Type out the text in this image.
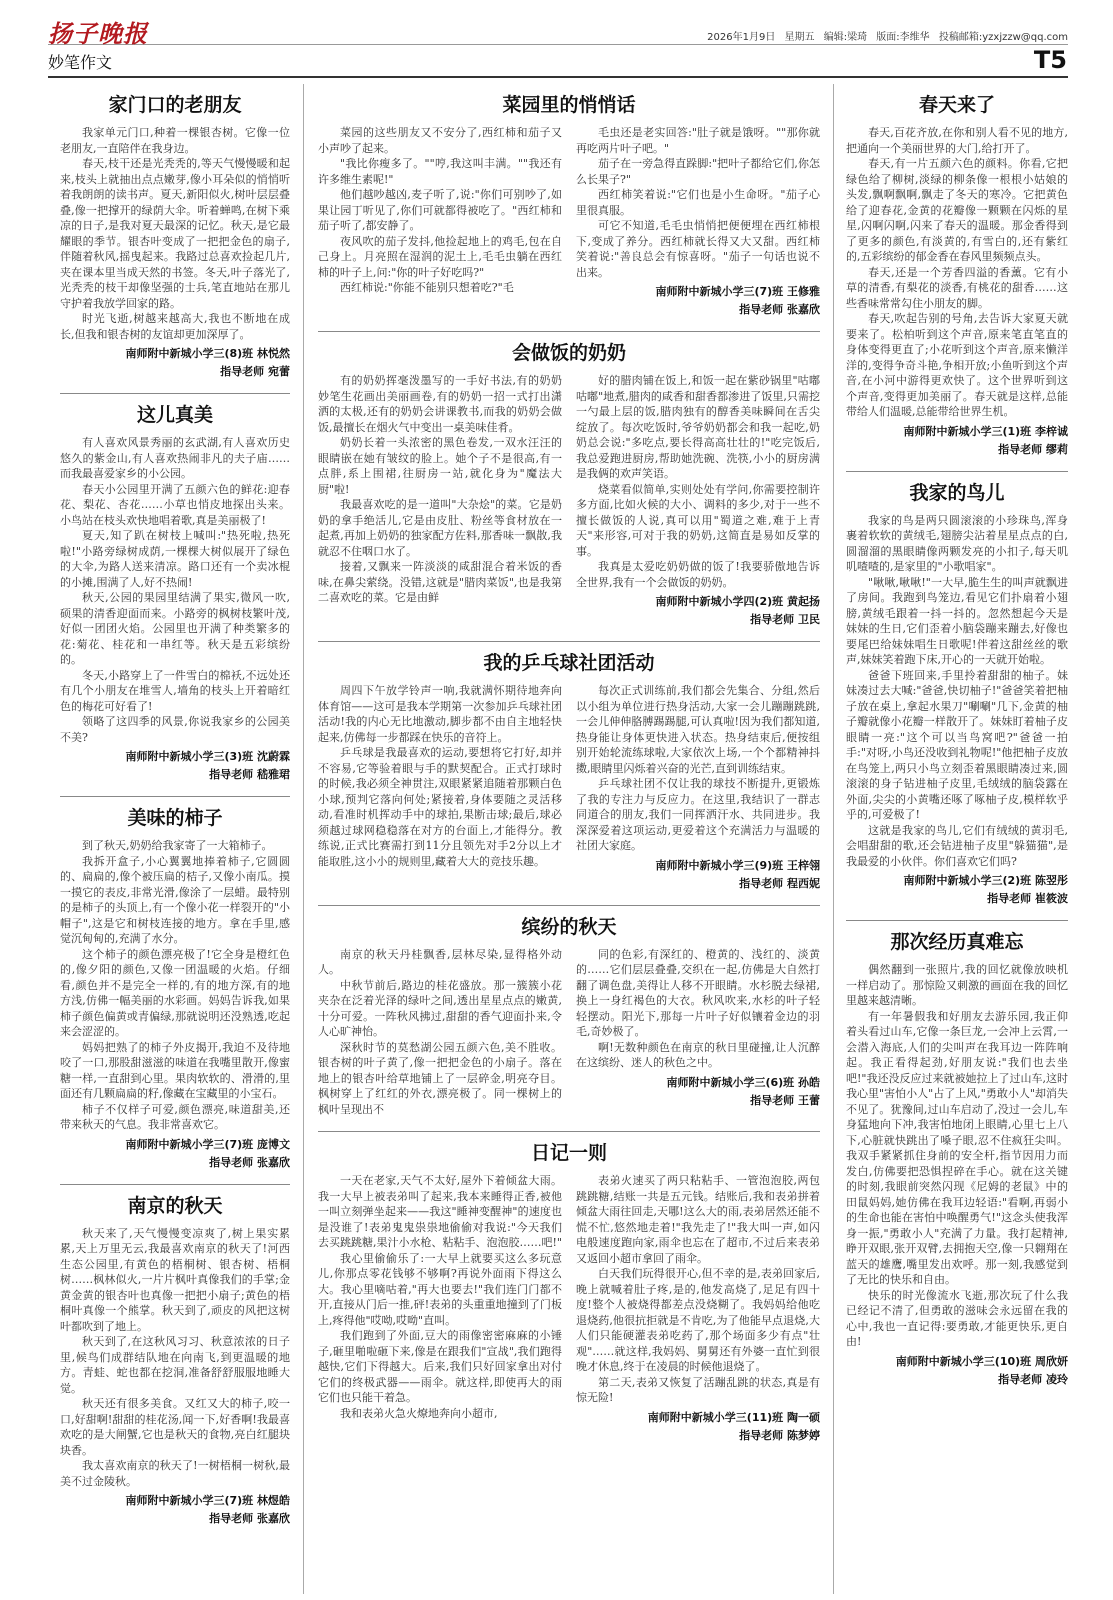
扬子晚报	2026年1月9日 星期五 编辑:梁琦 版面:李维华 投稿邮箱:yzxjzzw@qq.com
妙笔作文	T5
家门口的老朋友

我家单元门口,种着一棵银杏树。它像一位老朋友,一直陪伴在我身边。

春天,枝干还是光秃秃的,等天气慢慢暖和起来,枝头上就抽出点点嫩芽,像小耳朵似的悄悄听着我朗朗的读书声。夏天,新阳似火,树叶层层叠叠,像一把撑开的绿荫大伞。听着蝉鸣,在树下乘凉的日子,是我对夏天最深的记忆。秋天,是它最耀眼的季节。银杏叶变成了一把把金色的扇子,伴随着秋风,摇曳起来。我路过总喜欢捡起几片,夹在课本里当成天然的书签。冬天,叶子落光了,光秃秃的枝干却像坚强的士兵,笔直地站在那儿守护着我放学回家的路。

时光飞逝,树越来越高大,我也不断地在成长,但我和银杏树的友谊却更加深厚了。

南师附中新城小学三(8)班 林悦然
指导老师 宛蕾
这儿真美

有人喜欢风景秀丽的玄武湖,有人喜欢历史悠久的紫金山,有人喜欢热闹非凡的夫子庙……而我最喜爱家乡的小公园。

春天小公园里开满了五颜六色的鲜花:迎春花、梨花、杏花……小草也悄皮地探出头来。小鸟站在枝头欢快地唱着歌,真是美丽极了!

夏天,知了趴在树枝上喊叫:"热死啦,热死啦!"小路旁绿树成荫,一棵棵大树似展开了绿色的大伞,为路人送来清凉。路口还有一个卖冰棍的小摊,围满了人,好不热闹!

秋天,公园的果园里结满了果实,微风一吹,硕果的清香迎面而来。小路旁的枫树枝繁叶茂,好似一团团火焰。公园里也开满了种类繁多的花:菊花、桂花和一串红等。秋天是五彩缤纷的。

冬天,小路穿上了一件雪白的棉袄,不远处还有几个小朋友在堆雪人,墙角的枝头上开着暗红色的梅花可好看了!

领略了这四季的风景,你说我家乡的公园美不美?

南师附中新城小学三(3)班 沈蔚霖
指导老师 嵇雅珺
美味的柿子

到了秋天,奶奶给我家寄了一大箱柿子。

我拆开盒子,小心翼翼地捧着柿子,它圆圆的、扁扁的,像个被压扁的桔子,又像小南瓜。摸一摸它的表皮,非常光滑,像涂了一层蜡。最特别的是柿子的头顶上,有一个像小花一样裂开的"小帽子",这是它和树枝连接的地方。拿在手里,感觉沉甸甸的,充满了水分。

这个柿子的颜色漂亮极了!它全身是橙红色的,像夕阳的颜色,又像一团温暖的火焰。仔细看,颜色并不是完全一样的,有的地方深,有的地方浅,仿佛一幅美丽的水彩画。妈妈告诉我,如果柿子颜色偏黄或青偏绿,那就说明还没熟透,吃起来会涩涩的。

妈妈把熟了的柿子外皮揭开,我迫不及待地咬了一口,那股甜滋滋的味道在我嘴里散开,像蜜糖一样,一直甜到心里。果肉软软的、滑滑的,里面还有几颗扁扁的籽,像藏在宝藏里的小宝石。

柿子不仅样子可爱,颜色漂亮,味道甜美,还带来秋天的气息。我非常喜欢它。

南师附中新城小学三(7)班 庞博文
指导老师 张嘉欣
南京的秋天

秋天来了,天气慢慢变凉爽了,树上果实累累,天上万里无云,我最喜欢南京的秋天了!河西生态公园里,有黄色的梧桐树、银杏树、梧桐树……枫林似火,一片片枫叶真像我们的手掌;金黄金黄的银杏叶也真像一把把小扇子;黄色的梧桐叶真像一个熊掌。秋天到了,顽皮的风把这树叶都吹到了地上。

秋天到了,在这秋风习习、秋意浓浓的日子里,候鸟们成群结队地在向南飞,到更温暖的地方。青蛙、蛇也都在挖洞,准备舒舒服服地睡大觉。

秋天还有很多美食。又红又大的柿子,咬一口,好甜啊!甜甜的桂花汤,闻一下,好香啊!我最喜欢吃的是大闸蟹,它也是秋天的食物,亮白红腿块块香。

我太喜欢南京的秋天了!一树梧桐一树秋,最美不过金陵秋。

南师附中新城小学三(7)班 林煜皓
指导老师 张嘉欣
菜园里的悄悄话

菜园的这些朋友又不安分了,西红柿和茄子又小声吵了起来。

"我比你瘦多了。""哼,我这叫丰满。""我还有许多维生素呢!"

他们越吵越凶,麦子听了,说:"你们可别吵了,如果让园丁听见了,你们可就都得被吃了。"西红柿和茄子听了,都安静了。

夜风吹的茄子发抖,他捡起地上的鸡毛,包在自己身上。月亮照在湿润的泥土上,毛毛虫躺在西红柿的叶子上,问:"你的叶子好吃吗?"

西红柿说:"你能不能别只想着吃?"毛

毛虫还是老实回答:"肚子就是饿呀。""那你就再吃两片叶子吧。"

茄子在一旁急得直跺脚:"把叶子都给它们,你怎么长果子?"

西红柿笑着说:"它们也是小生命呀。"茄子心里很真服。

可它不知道,毛毛虫悄悄把便便埋在西红柿根下,变成了养分。西红柿就长得又大又甜。西红柿笑着说:"善良总会有惊喜呀。"茄子一句话也说不出来。

南师附中新城小学三(7)班 王修雅
指导老师 张嘉欣
会做饭的奶奶

有的奶奶挥毫泼墨写的一手好书法,有的奶奶妙笔生花画出美丽画卷,有的奶奶一招一式打出潇洒的太极,还有的奶奶会讲课教书,而我的奶奶会做饭,最擅长在烟火气中变出一桌美味佳肴。

奶奶长着一头浓密的黑色卷发,一双水汪汪的眼睛嵌在她有皱纹的脸上。她个子不是很高,有一点胖,系上围裙,往厨房一站,就化身为"魔法大厨"啦!

我最喜欢吃的是一道叫"大杂烩"的菜。它是奶奶的拿手绝活儿,它是由皮肚、粉丝等食材放在一起煮,再加上奶奶的独家配方佐料,那香味一飘散,我就忍不住咽口水了。

接着,又飘来一阵淡淡的咸甜混合着米饭的香味,在鼻尖萦绕。没错,这就是"腊肉菜饭",也是我第二喜欢吃的菜。它是由鲜

好的腊肉铺在饭上,和饭一起在紫砂锅里"咕嘟咕嘟"地煮,腊肉的咸香和甜香都渗进了饭里,只需挖一勺最上层的饭,腊肉独有的醇香美味瞬间在舌尖绽放了。每次吃饭时,爷爷奶奶都会和我一起吃,奶奶总会说:"多吃点,要长得高高壮壮的!"吃完饭后,我总爱跑进厨房,帮助她洗碗、洗筷,小小的厨房满是我俩的欢声笑语。

烧菜看似简单,实则处处有学问,你需要控制许多方面,比如火候的大小、调料的多少,对于一些不擅长做饭的人说,真可以用"蜀道之难,难于上青天"来形容,可对于我的奶奶,这简直是易如反掌的事。

我真是太爱吃奶奶做的饭了!我要骄傲地告诉全世界,我有一个会做饭的奶奶。

南师附中新城小学四(2)班 黄起扬
指导老师 卫民
我的乒乓球社团活动

周四下午放学铃声一响,我就满怀期待地奔向体育馆——这可是我本学期第一次参加乒乓球社团活动!我的内心无比地激动,脚步都不由自主地轻快起来,仿佛每一步都踩在快乐的音符上。

乒乓球是我最喜欢的运动,要想将它打好,却并不容易,它等验着眼与手的默契配合。正式打球时的时候,我必须全神贯注,双眼紧紧追随着那颗白色小球,预判它落向何处;紧接着,身体要随之灵活移动,看准时机挥动手中的球拍,果断击球;最后,球必须越过球网稳稳落在对方的台面上,才能得分。教练说,正式比赛需打到11分且领先对手2分以上才能取胜,这小小的规则里,藏着大大的竞技乐趣。

每次正式训练前,我们都会先集合、分组,然后以小组为单位进行热身活动,大家一会儿蹦蹦跳跳,一会儿伸伸胳膊踢踢腿,可认真啦!因为我们都知道,热身能让身体更快进入状态。热身结束后,便按组别开始轮流练球啦,大家依次上场,一个个都精神抖擞,眼睛里闪烁着兴奋的光芒,直到训练结束。

乒乓球社团不仅让我的球技不断提升,更锻炼了我的专注力与反应力。在这里,我结识了一群志同道合的朋友,我们一同挥洒汗水、共同进步。我深深爱着这项运动,更爱着这个充满活力与温暖的社团大家庭。

南师附中新城小学三(9)班 王梓翎
指导老师 程西妮
缤纷的秋天

南京的秋天丹桂飘香,层林尽染,显得格外动人。

中秋节前后,路边的桂花盛放。那一簇簇小花夹杂在泛着光泽的绿叶之间,透出星星点点的嫩黄,十分可爱。一阵秋风拂过,甜甜的香气迎面扑来,令人心旷神怡。

深秋时节的莫愁湖公园五颜六色,美不胜收。银杏树的叶子黄了,像一把把金色的小扇子。落在地上的银杏叶给草地铺上了一层碎金,明亮夺目。枫树穿上了红红的外衣,漂亮极了。同一棵树上的枫叶呈现出不

同的色彩,有深红的、橙黄的、浅红的、淡黄的……它们层层叠叠,交织在一起,仿佛是大自然打翻了调色盘,美得让人移不开眼睛。水杉脱去绿裙,换上一身红褐色的大衣。秋风吹来,水杉的叶子轻轻摆动。阳光下,那每一片叶子好似镶着金边的羽毛,奇妙极了。

啊!无数种颜色在南京的秋日里碰撞,让人沉醉在这缤纷、迷人的秋色之中。

南师附中新城小学三(6)班 孙皓
指导老师 王蕾
日记一则

一天在老家,天气不太好,屋外下着倾盆大雨。我一大早上被表弟叫了起来,我本来睡得正香,被他一叫立刻弹坐起来——我这"睡神变醒神"的速度也是没谁了!表弟鬼鬼祟祟地偷偷对我说:"今天我们去买跳跳糖,果汁小水枪、粘粘手、泡泡胶……吧!"

我心里偷偷乐了:一大早上就要买这么多玩意儿,你那点零花钱够不够啊?再说外面雨下得这么大。我心里嘀咕着,"再大也要去!"我们连门门都不开,直接从门后一推,砰!表弟的头重重地撞到了门板上,疼得他"哎呦,哎呦"直叫。

我们跑到了外面,豆大的雨像密密麻麻的小锤子,砸里啪啦砸下来,像是在跟我们"宣战",我们跑得越快,它们下得越大。后来,我们只好回家拿出对付它们的终极武器——雨伞。就这样,即使再大的雨它们也只能干着急。

我和表弟火急火燎地奔向小超市,

表弟火速买了两只粘粘手、一管泡泡胶,两包跳跳糖,结账一共是五元钱。结账后,我和表弟拼着倾盆大雨往回走,天哪!这么大的雨,表弟居然还能不慌不忙,悠然地走着!"我先走了!"我大叫一声,如闪电般速度跑向家,雨伞也忘在了超市,不过后来表弟又返回小超市拿回了雨伞。

白天我们玩得很开心,但不幸的是,表弟回家后,晚上就喊着肚子疼,是的,他发高烧了,足足有四十度!整个人被烧得都差点没烧糊了。我妈妈给他吃退烧药,他很抗拒就是不肯吃,为了他能早点退烧,大人们只能硬灌表弟吃药了,那个场面多少有点"壮观"……就这样,我妈妈、舅舅还有外婆一直忙到很晚才休息,终于在凌晨的时候他退烧了。

第二天,表弟又恢复了活蹦乱跳的状态,真是有惊无险!

南师附中新城小学三(11)班 陶一硕
指导老师 陈梦婷
春天来了

春天,百花齐放,在你和别人看不见的地方,把通向一个美丽世界的大门,给打开了。

春天,有一片五颜六色的颜料。你看,它把绿色给了柳树,淡绿的柳条像一根根小姑娘的头发,飘啊飘啊,飘走了冬天的寒冷。它把黄色给了迎春花,金黄的花瓣像一颗颗在闪烁的星星,闪啊闪啊,闪来了春天的温暖。那金香得到了更多的颜色,有淡黄的,有雪白的,还有紫红的,五彩缤纷的郁金香在春风里频频点头。

春天,还是一个芳香四溢的香薰。它有小草的清香,有梨花的淡香,有桃花的甜香……这些香味常常勾住小朋友的脚。

春天,吹起告别的号角,去告诉大家夏天就要来了。松柏听到这个声音,原来笔直笔直的身体变得更直了;小花听到这个声音,原来懒洋洋的,变得争奇斗艳,争相开放;小鱼听到这个声音,在小河中游得更欢快了。这个世界听到这个声音,变得更加美丽了。春天就是这样,总能带给人们温暖,总能带给世界生机。

南师附中新城小学三(1)班 李梓诚
指导老师 缪莉
我家的鸟儿

我家的鸟是两只圆滚滚的小珍珠鸟,浑身裹着软软的黄绒毛,翅膀尖沾着星星点点的白,圆溜溜的黑眼睛像两颗发亮的小扣子,每天叽叽喳喳的,是家里的"小歌唱家"。

"啾啾,啾啾!"一大早,脆生生的叫声就飘进了房间。我跑到鸟笼边,看见它们扑扇着小翅膀,黄绒毛跟着一抖一抖的。忽然想起今天是妹妹的生日,它们歪着小脑袋蹦来蹦去,好像也要尾巴给妹妹唱生日歌呢!伴着这甜丝丝的歌声,妹妹笑着跑下床,开心的一天就开始啦。

爸爸下班回来,手里拎着甜甜的柚子。妹妹凑过去大喊:"爸爸,快切柚子!"爸爸笑着把柚子放在桌上,拿起水果刀"唰唰"几下,金黄的柚子瓣就像小花瓣一样散开了。妹妹盯着柚子皮眼睛一亮:"这个可以当鸟窝吧?"爸爸一拍手:"对呀,小鸟还没收到礼物呢!"他把柚子皮放在鸟笼上,两只小鸟立刻歪着黑眼睛凑过来,圆滚滚的身子钻进柚子皮里,毛绒绒的脑袋露在外面,尖尖的小黄嘴还啄了啄柚子皮,模样软乎乎的,可爱极了!

这就是我家的鸟儿,它们有绒绒的黄羽毛,会唱甜甜的歌,还会钻进柚子皮里"躲猫猫",是我最爱的小伙伴。你们喜欢它们吗?

南师附中新城小学三(2)班 陈翌彤
指导老师 崔筱波
那次经历真难忘

偶然翻到一张照片,我的回忆就像放映机一样启动了。那惊险又刺激的画面在我的回忆里越来越清晰。

有一年暑假我和好朋友去游乐园,我正仰着头看过山车,它像一条巨龙,一会冲上云霄,一会潜入海底,人们的尖叫声在我耳边一阵阵响起。我正看得起劲,好朋友说:"我们也去坐吧!"我还没反应过来就被她拉上了过山车,这时我心里"害怕小人"占了上风,"勇敢小人"却消失不见了。犹豫间,过山车启动了,没过一会儿,车身猛地向下冲,我害怕地闭上眼睛,心里七上八下,心脏就快跳出了嗓子眼,忍不住疯狂尖叫。我双手紧紧抓住身前的安全杆,指节因用力而发白,仿佛要把恐惧捏碎在手心。就在这关键的时刻,我眼前突然闪现《尼姆的老鼠》中的田鼠妈妈,她仿佛在我耳边轻语:"看啊,再弱小的生命也能在害怕中唤醒勇气!"这念头使我浑身一振,"勇敢小人"充满了力量。我打起精神,睁开双眼,张开双臂,去拥抱天空,像一只翱翔在蓝天的雄鹰,嘴里发出欢呼。那一刻,我感觉到了无比的快乐和自由。

快乐的时光像流水飞逝,那次玩了什么我已经记不清了,但勇敢的滋味会永远留在我的心中,我也一直记得:要勇敢,才能更快乐,更自由!

南师附中新城小学三(10)班 周欣妍
指导老师 凌玲
